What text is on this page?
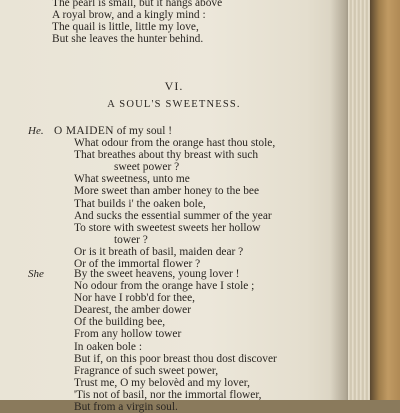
The pearl is small, but it hangs above
A royal brow, and a kingly mind :
The quail is little, little my love,
But she leaves the hunter behind.
VI.
A SOUL'S SWEETNESS.
He. O MAIDEN of my soul !
What odour from the orange hast thou stole,
That breathes about thy breast with such
sweet power ?
What sweetness, unto me
More sweet than amber honey to the bee
That builds i' the oaken bole,
And sucks the essential summer of the year
To store with sweetest sweets her hollow
tower ?
Or is it breath of basil, maiden dear ?
Or of the immortal flower ?
She	By the sweet heavens, young lover !
No odour from the orange have I stole ;
Nor have I robb'd for thee,
Dearest, the amber dower
Of the building bee,
From any hollow tower
In oaken bole :
But if, on this poor breast thou dost discover
Fragrance of such sweet power,
Trust me, O my belovèd and my lover,
'Tis not of basil, nor the immortal flower,
But from a virgin soul.
